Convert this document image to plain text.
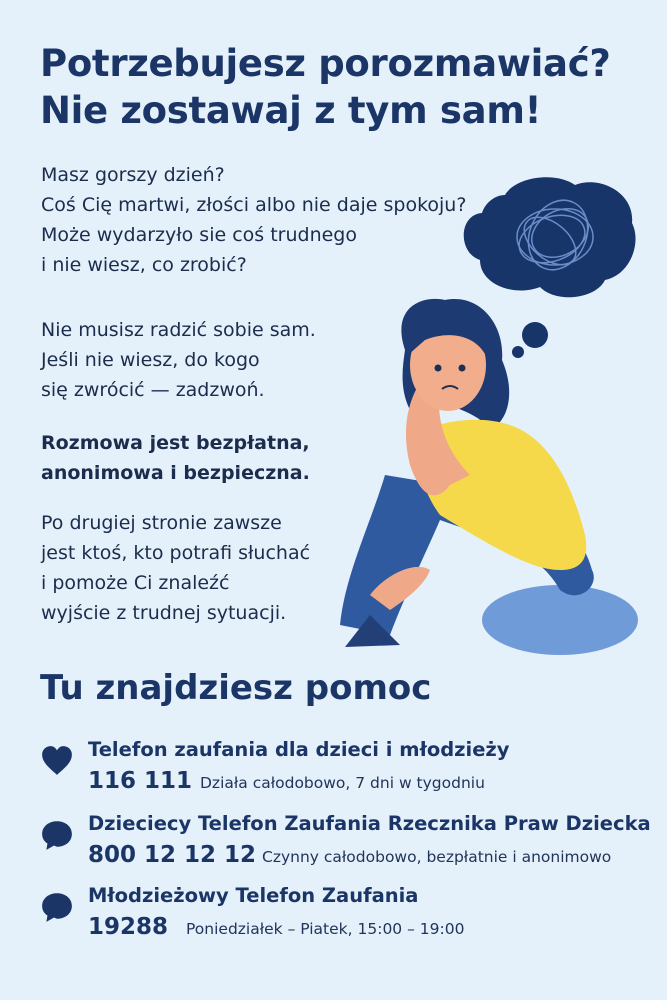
Potrzebujesz porozmawiać?
Nie zostawaj z tym sam!
Masz gorszy dzień?
Coś Cię martwi, złości albo nie daje spokoju?
Może wydarzyło sie coś trudnego
i nie wiesz, co zrobić?
Nie musisz radzić sobie sam.
Jeśli nie wiesz, do kogo
się zwrócić — zadzwoń.
Rozmowa jest bezpłatna,
anonimowa i bezpieczna.
Po drugiej stronie zawsze
jest ktoś, kto potrafi słuchać
i pomoże Ci znaleźć
wyjście z trudnej sytuacji.
Tu znajdziesz pomoc
Telefon zaufania dla dzieci i młodzieży
116 111 Działa całodobowo, 7 dni w tygodniu
Dzieciecy Telefon Zaufania Rzecznika Praw Dziecka
800 12 12 12 Czynny całodobowo, bezpłatnie i anonimowo
Młodzieżowy Telefon Zaufania
19288 Poniedziałek – Piatek, 15:00 – 19:00
